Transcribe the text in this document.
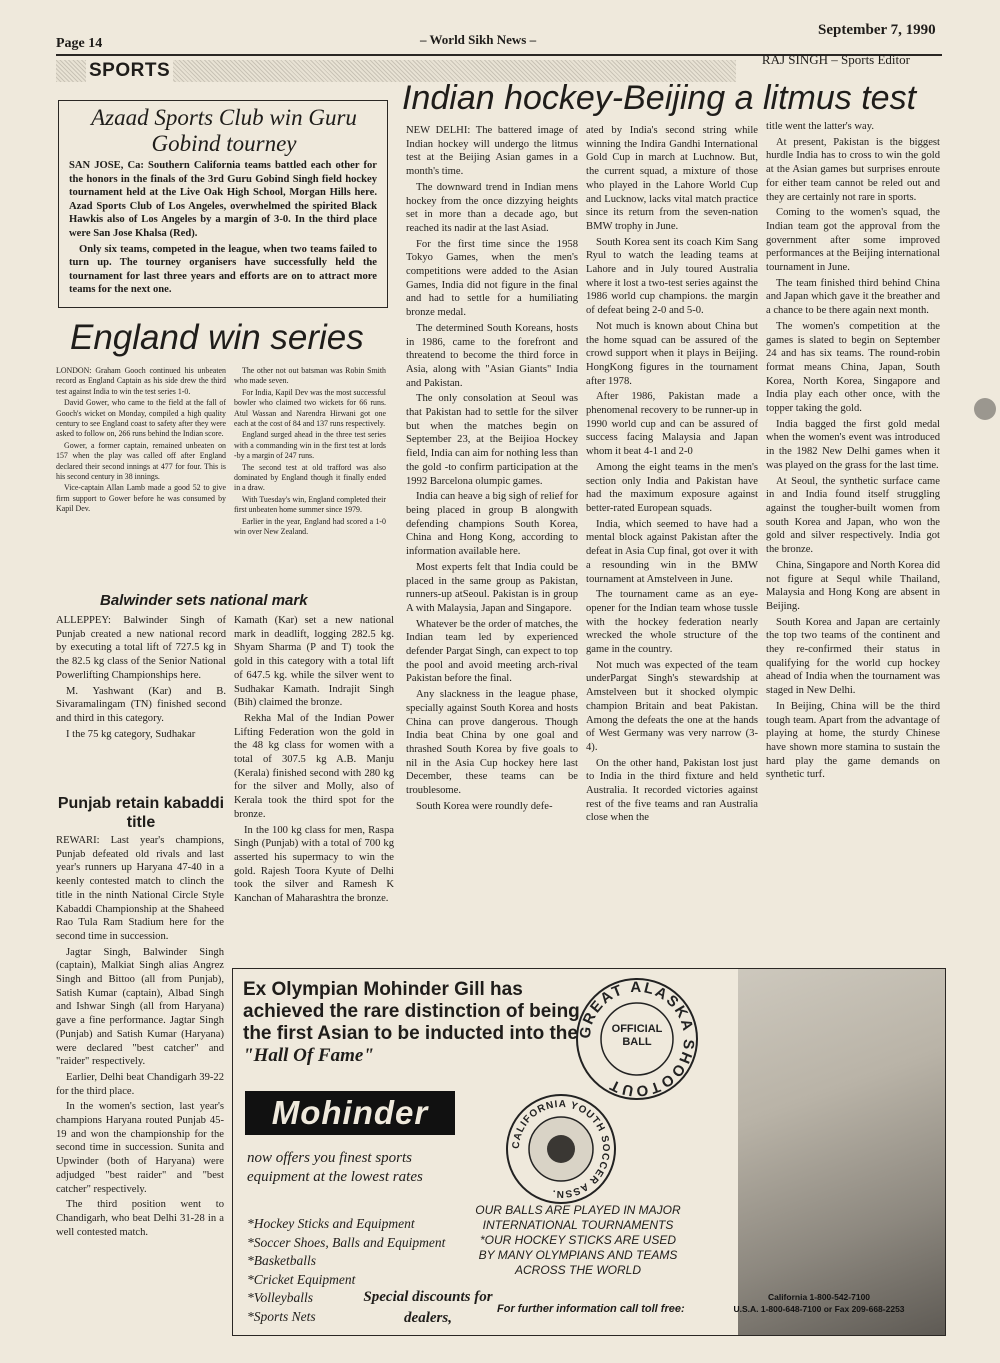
Page 14	– World Sikh News –
September 7, 1990
SPORTS
RAJ SINGH – Sports Editor
Azaad Sports Club win Guru Gobind tourney

SAN JOSE, Ca: Southern California teams battled each other for the honors in the finals of the 3rd Guru Gobind Singh field hockey tournament held at the Live Oak High School, Morgan Hills here. Azad Sports Club of Los Angeles, overwhelmed the spirited Black Hawkis also of Los Angeles by a margin of 3-0. In the third place were San Jose Khalsa (Red).

Only six teams, competed in the league, when two teams failed to turn up. The tourney organisers have successfully held the tournament for last three years and efforts are on to attract more teams for the next one.

England win series

LONDON: Graham Gooch continued his unbeaten record as England Captain as his side drew the third test against India to win the test series 1-0.

David Gower, who came to the field at the fall of Gooch's wicket on Monday, compiled a high quality century to see England coast to safety after they were asked to follow on, 266 runs behind the Indian score.

Gower, a former captain, remained unbeaten on 157 when the play was called off after England declared their second innings at 477 for four. This is his second century in 38 innings.

Vice-captain Allan Lamb made a good 52 to give firm support to Gower before he was consumed by Kapil Dev.

The other not out batsman was Robin Smith who made seven.

For India, Kapil Dev was the most successful bowler who claimed two wickets for 66 runs. Atul Wassan and Narendra Hirwani got one each at the cost of 84 and 137 runs respectively.

England surged ahead in the three test series with a commanding win in the first test at lords -by a margin of 247 runs.

The second test at old trafford was also dominated by England though it finally ended in a draw.

With Tuesday's win, England completed their first unbeaten home summer since 1979.

Earlier in the year, England had scored a 1-0 win over New Zealand.

Balwinder sets national mark

ALLEPPEY: Balwinder Singh of Punjab created a new national record by executing a total lift of 727.5 kg in the 82.5 kg class of the Senior National Powerlifting Championships here.

M. Yashwant (Kar) and B. Sivaramalingam (TN) finished second and third in this category.

I the 75 kg category, Sudhakar

Kamath (Kar) set a new national mark in deadlift, logging 282.5 kg. Shyam Sharma (P and T) took the gold in this category with a total lift of 647.5 kg. while the silver went to Sudhakar Kamath. Indrajit Singh (Bih) claimed the bronze.

Rekha Mal of the Indian Power Lifting Federation won the gold in the 48 kg class for women with a total of 307.5 kg A.B. Manju (Kerala) finished second with 280 kg for the silver and Molly, also of Kerala took the third spot for the bronze.

In the 100 kg class for men, Raspa Singh (Punjab) with a total of 700 kg asserted his supermacy to win the gold. Rajesh Toora Kyute of Delhi took the silver and Ramesh K Kanchan of Maharashtra the bronze.

Punjab retain kabaddi title

REWARI: Last year's champions, Punjab defeated old rivals and last year's runners up Haryana 47-40 in a keenly contested match to clinch the title in the ninth National Circle Style Kabaddi Championship at the Shaheed Rao Tula Ram Stadium here for the second time in succession.

Jagtar Singh, Balwinder Singh (captain), Malkiat Singh alias Angrez Singh and Bittoo (all from Punjab), Satish Kumar (captain), Albad Singh and Ishwar Singh (all from Haryana) gave a fine performance. Jagtar Singh (Punjab) and Satish Kumar (Haryana) were declared "best catcher" and "raider" respectively.

Earlier, Delhi beat Chandigarh 39-22 for the third place.

In the women's section, last year's champions Haryana routed Punjab 45-19 and won the championship for the second time in succession. Sunita and Upwinder (both of Haryana) were adjudged "best raider" and "best catcher" respectively.

The third position went to Chandigarh, who beat Delhi 31-28 in a well contested match.

Indian hockey-Beijing a litmus test

NEW DELHI: The battered image of Indian hockey will undergo the litmus test at the Beijing Asian games in a month's time.

The downward trend in Indian mens hockey from the once dizzying heights set in more than a decade ago, but reached its nadir at the last Asiad.

For the first time since the 1958 Tokyo Games, when the men's competitions were added to the Asian Games, India did not figure in the final and had to settle for a humiliating bronze medal.

The determined South Koreans, hosts in 1986, came to the forefront and threatend to become the third force in Asia, along with "Asian Giants" India and Pakistan.

The only consolation at Seoul was that Pakistan had to settle for the silver but when the matches begin on September 23, at the Beijioa Hockey field, India can aim for nothing less than the gold -to confirm participation at the 1992 Barcelona olumpic games.

India can heave a big sigh of relief for being placed in group B alongwith defending champions South Korea, China and Hong Kong, according to information available here.

Most experts felt that India could be placed in the same group as Pakistan, runners-up atSeoul. Pakistan is in group A with Malaysia, Japan and Singapore.

Whatever be the order of matches, the Indian team led by experienced defender Pargat Singh, can expect to top the pool and avoid meeting arch-rival Pakistan before the final.

Any slackness in the league phase, specially against South Korea and hosts China can prove dangerous. Though India beat China by one goal and thrashed South Korea by five goals to nil in the Asia Cup hockey here last December, these teams can be troublesome.

South Korea were roundly defe-

ated by India's second string while winning the Indira Gandhi International Gold Cup in march at Luchnow. But, the current squad, a mixture of those who played in the Lahore World Cup and Lucknow, lacks vital match practice since its return from the seven-nation BMW trophy in June.

South Korea sent its coach Kim Sang Ryul to watch the leading teams at Lahore and in July toured Australia where it lost a two-test series against the 1986 world cup champions. the margin of defeat being 2-0 and 5-0.

Not much is known about China but the home squad can be assured of the crowd support when it plays in Beijing. HongKong figures in the tournament after 1978.

After 1986, Pakistan made a phenomenal recovery to be runner-up in 1990 world cup and can be assured of success facing Malaysia and Japan whom it beat 4-1 and 2-0

Among the eight teams in the men's section only India and Pakistan have had the maximum exposure against better-rated European squads.

India, which seemed to have had a mental block against Pakistan after the defeat in Asia Cup final, got over it with a resounding win in the BMW tournament at Amstelveen in June.

The tournament came as an eye-opener for the Indian team whose tussle with the hockey federation nearly wrecked the whole structure of the game in the country.

Not much was expected of the team underPargat Singh's stewardship at Amstelveen but it shocked olympic champion Britain and beat Pakistan. Among the defeats the one at the hands of West Germany was very narrow (3-4).

On the other hand, Pakistan lost just to India in the third fixture and held Australia. It recorded victories against rest of the five teams and ran Australia close when the

title went the latter's way.

At present, Pakistan is the biggest hurdle India has to cross to win the gold at the Asian games but surprises enroute for either team cannot be reled out and they are certainly not rare in sports.

Coming to the women's squad, the Indian team got the approval from the government after some improved performances at the Beijing international tournament in June.

The team finished third behind China and Japan which gave it the breather and a chance to be there again next month.

The women's competition at the games is slated to begin on September 24 and has six teams. The round-robin format means China, Japan, South Korea, North Korea, Singapore and India play each other once, with the topper taking the gold.

India bagged the first gold medal when the women's event was introduced in the 1982 New Delhi games when it was played on the grass for the last time.

At Seoul, the synthetic surface came in and India found itself struggling against the tougher-built women from south Korea and Japan, who won the gold and silver respectively. India got the bronze.

China, Singapore and North Korea did not figure at Sequl while Thailand, Malaysia and Hong Kong are absent in Beijing.

South Korea and Japan are certainly the top two teams of the continent and they re-confirmed their status in qualifying for the world cup hockey ahead of India when the tournament was staged in New Delhi.

In Beijing, China will be the third tough team. Apart from the advantage of playing at home, the sturdy Chinese have shown more stamina to sustain the hard play the game demands on synthetic turf.

Ex Olympian Mohinder Gill has achieved the rare distinction of being the first Asian to be inducted into the "Hall Of Fame"
Mohinder
now offers you finest sports equipment at the lowest rates
*Hockey Sticks and Equipment
*Soccer Shoes, Balls and Equipment
*Basketballs
*Cricket Equipment
*Volleyballs
*Sports Nets
Special discounts for dealers,
GREAT ALASKA SHOOTOUT
OFFICIAL BALL
CALIFORNIA YOUTH SOCCER ASSN.
OUR BALLS ARE PLAYED IN MAJOR INTERNATIONAL TOURNAMENTS *OUR HOCKEY STICKS ARE USED BY MANY OLYMPIANS AND TEAMS ACROSS THE WORLD
For further information call toll free:
California 1-800-542-7100
U.S.A. 1-800-648-7100 or Fax 209-668-2253
